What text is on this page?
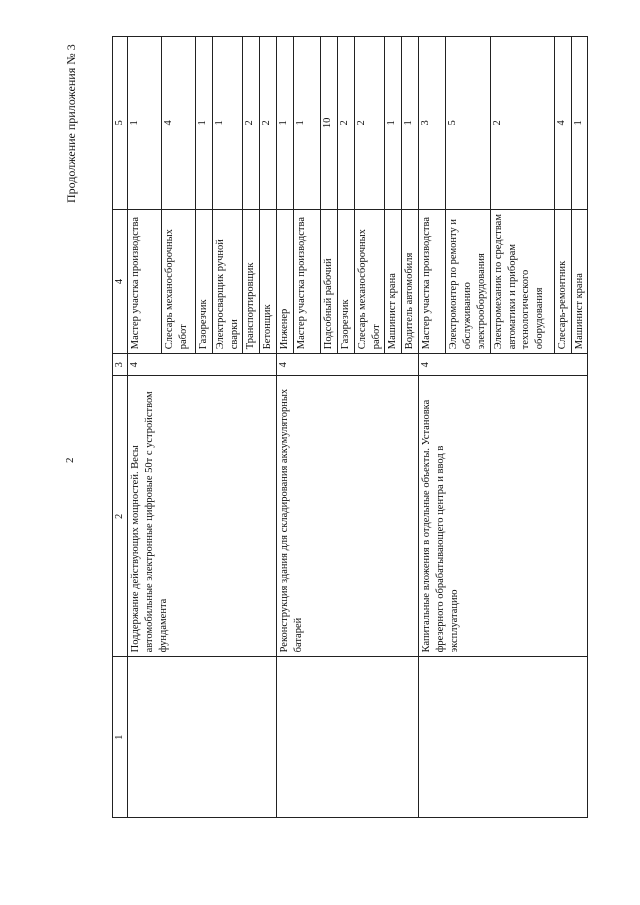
2
Продолжение приложения № 3
1	2	3	4	5
	Поддержание действующих мощностей. Весы автомобильные электронные цифровые 50т с устройством фундамента	4	Мастер участка производства	1
			Слесарь механосборочных работ	4
			Газорезчик	1
			Электросварщик ручной сварки	1
			Транспортировщик	2
			Бетонщик	2
	Реконструкция здания для складирования аккумуляторных батарей	4	Инженер	1
			Мастер участка производства	1
			Подсобный рабочий	10
			Газорезчик	2
			Слесарь механосборочных работ	2
			Машинист крана	1
			Водитель автомобиля	1
	Капитальные вложения в отдельные объекты. Установка фрезерного обрабатывающего центра и ввод в эксплуатацию	4	Мастер участка производства	3
			Электромонтер по ремонту и обслуживанию электрооборудования	5
			Электромеханик по средствам автоматики и приборам технологического оборудования	2
			Слесарь-ремонтник	4
			Машинист крана	1
